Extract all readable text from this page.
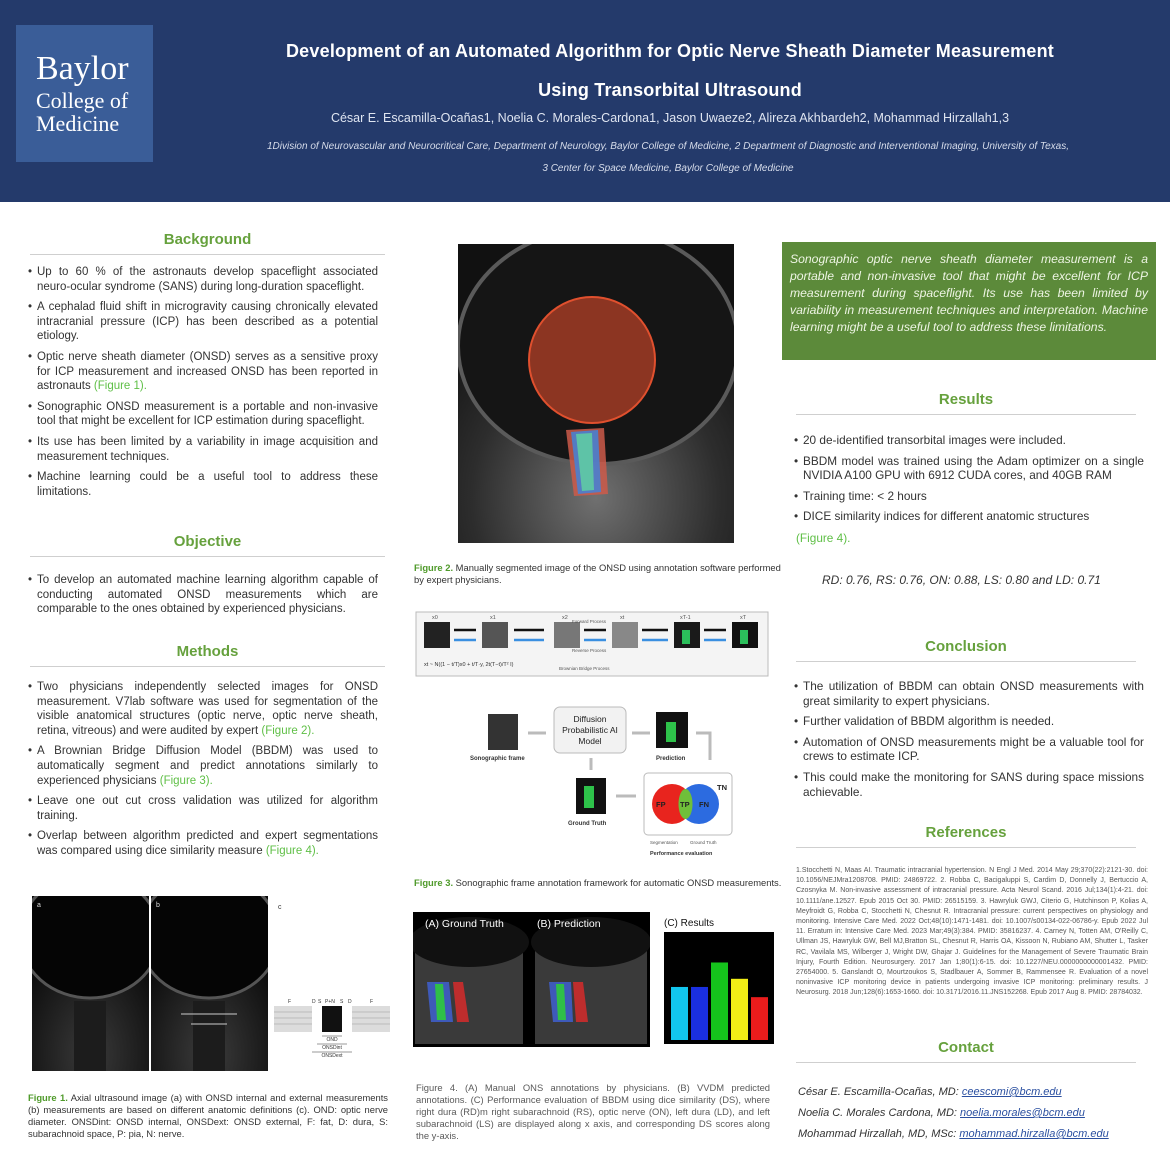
Baylor
College of
Medicine
Development of an Automated Algorithm for Optic Nerve Sheath Diameter Measurement
Using Transorbital Ultrasound
César E. Escamilla-Ocañas1, Noelia C. Morales-Cardona1, Jason Uwaeze2, Alireza Akhbardeh2, Mohammad Hirzallah1,3
1Division of Neurovascular and Neurocritical Care, Department of Neurology, Baylor College of Medicine, 2 Department of Diagnostic and Interventional Imaging, University of Texas,
3 Center for Space Medicine, Baylor College of Medicine
Background
• Up to 60 % of the astronauts develop spaceflight associated neuro-ocular syndrome (SANS) during long-duration spaceflight.
• A cephalad fluid shift in microgravity causing chronically elevated intracranial pressure (ICP) has been described as a potential etiology.
• Optic nerve sheath diameter (ONSD) serves as a sensitive proxy for ICP measurement and increased ONSD has been reported in astronauts (Figure 1).
• Sonographic ONSD measurement is a portable and non-invasive tool that might be excellent for ICP estimation during spaceflight.
• Its use has been limited by a variability in image acquisition and measurement techniques.
• Machine learning could be a useful tool to address these limitations.
Objective
• To develop an automated machine learning algorithm capable of conducting automated ONSD measurements which are comparable to the ones obtained by experienced physicians.
Methods
• Two physicians independently selected images for ONSD measurement. V7lab software was used for segmentation of the visible anatomical structures (optic nerve, optic nerve sheath, retina, vitreous) and were audited by expert (Figure 2).
• A Brownian Bridge Diffusion Model (BBDM) was used to automatically segment and predict annotations similarly to experienced physicians (Figure 3).
• Leave one out cut cross validation was utilized for algorithm training.
• Overlap between algorithm predicted and expert segmentations was compared using dice similarity measure (Figure 4).
a	b	c
F	D S P+N S D	F
OND
ONSDint
ONSDext
Figure 1. Axial ultrasound image (a) with ONSD internal and external measurements (b) measurements are based on different anatomic definitions (c). OND: optic nerve diameter. ONSDint: ONSD internal, ONSDext: ONSD external, F: fat, D: dura, S: subarachnoid space, P: pia, N: nerve.
Figure 2. Manually segmented image of the ONSD using annotation software performed by expert physicians.
x0	x1	x2	xt	xT-1	xT
Forward Process
Reverse Process
xt ~ N((1 − t/T)x0 + t/T·y, 2t(T−t)/T² I)
Brownian Bridge Process
Sonographic frame
Diffusion Probabilistic AI Model
Prediction
Ground Truth
FP TP FN
TN
Segmentation	Ground Truth
Performance evaluation
Figure 3. Sonographic frame annotation framework for automatic ONSD measurements.
(A) Ground Truth	(B) Prediction	(C) Results
Figure 4. (A) Manual ONS annotations by physicians. (B) VVDM predicted annotations. (C) Performance evaluation of BBDM using dice similarity (DS), where right dura (RD)m right subarachnoid (RS), optic nerve (ON), left dura (LD), and left subarachnoid (LS) are displayed along x axis, and corresponding DS scores along the y-axis.
Sonographic optic nerve sheath diameter measurement is a portable and non-invasive tool that might be excellent for ICP measurement during spaceflight. Its use has been limited by variability in measurement techniques and interpretation. Machine learning might be a useful tool to address these limitations.
Results
• 20 de-identified transorbital images were included.
• BBDM model was trained using the Adam optimizer on a single NVIDIA A100 GPU with 6912 CUDA cores, and 40GB RAM
• Training time: < 2 hours
• DICE similarity indices for different anatomic structures
(Figure 4).
RD: 0.76, RS: 0.76, ON: 0.88, LS: 0.80 and LD: 0.71
Conclusion
• The utilization of BBDM can obtain ONSD measurements with great similarity to expert physicians.
• Further validation of BBDM algorithm is needed.
• Automation of ONSD measurements might be a valuable tool for crews to estimate ICP.
• This could make the monitoring for SANS during space missions achievable.
References
1.Stocchetti N, Maas AI. Traumatic intracranial hypertension. N Engl J Med. 2014 May 29;370(22):2121-30. doi: 10.1056/NEJMra1208708. PMID: 24869722. 2. Robba C, Bacigaluppi S, Cardim D, Donnelly J, Bertuccio A, Czosnyka M. Non-invasive assessment of intracranial pressure. Acta Neurol Scand. 2016 Jul;134(1):4-21. doi: 10.1111/ane.12527. Epub 2015 Oct 30. PMID: 26515159. 3. Hawryluk GWJ, Citerio G, Hutchinson P, Kolias A, Meyfroidt G, Robba C, Stocchetti N, Chesnut R. Intracranial pressure: current perspectives on physiology and monitoring. Intensive Care Med. 2022 Oct;48(10):1471-1481. doi: 10.1007/s00134-022-06786-y. Epub 2022 Jul 11. Erratum in: Intensive Care Med. 2023 Mar;49(3):384. PMID: 35816237. 4. Carney N, Totten AM, O'Reilly C, Ullman JS, Hawryluk GW, Bell MJ,Bratton SL, Chesnut R, Harris OA, Kissoon N, Rubiano AM, Shutter L, Tasker RC, Vavilala MS, Wilberger J, Wright DW, Ghajar J. Guidelines for the Management of Severe Traumatic Brain Injury, Fourth Edition. Neurosurgery. 2017 Jan 1;80(1):6-15. doi: 10.1227/NEU.0000000000001432. PMID: 27654000. 5. Ganslandt O, Mourtzoukos S, Stadlbauer A, Sommer B, Rammensee R. Evaluation of a novel noninvasive ICP monitoring device in patients undergoing invasive ICP monitoring: preliminary results. J Neurosurg. 2018 Jun;128(6):1653-1660. doi: 10.3171/2016.11.JNS152268. Epub 2017 Aug 8. PMID: 28784032.
Contact
César E. Escamilla-Ocañas, MD: ceescomi@bcm.edu
Noelia C. Morales Cardona, MD: noelia.morales@bcm.edu
Mohammad Hirzallah, MD, MSc: mohammad.hirzalla@bcm.edu
